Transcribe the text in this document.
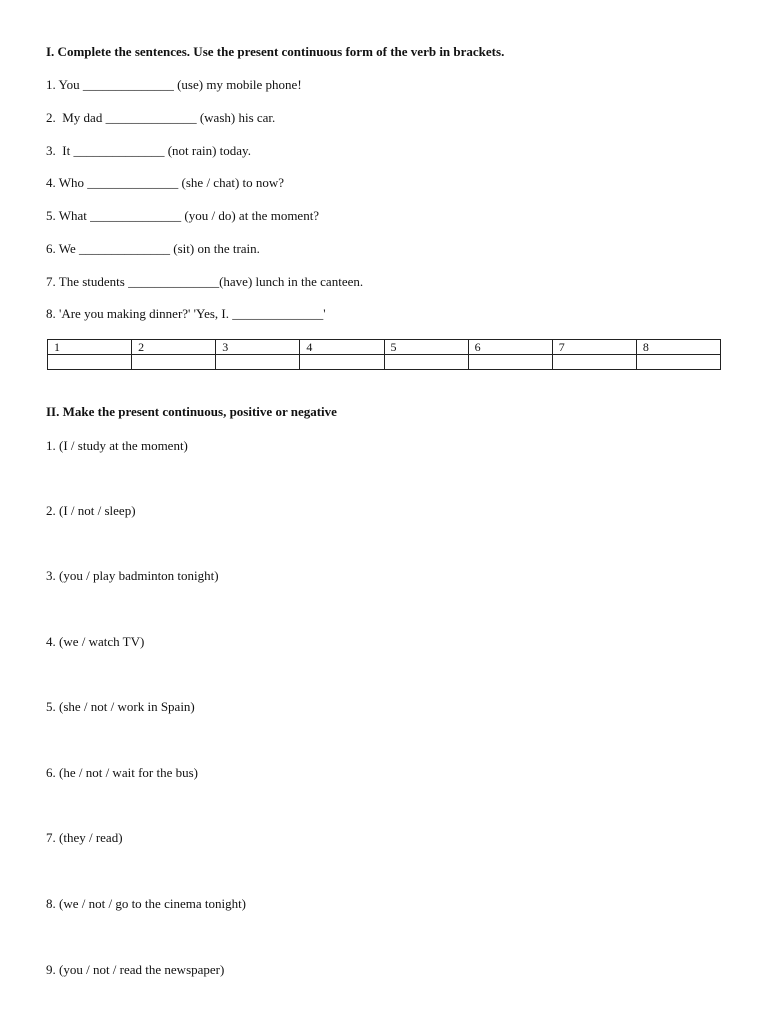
I. Complete the sentences. Use the present continuous form of the verb in brackets.
1. You ______________ (use) my mobile phone!
2.  My dad ______________ (wash) his car.
3.  It ______________ (not rain) today.
4. Who ______________ (she / chat) to now?
5. What ______________ (you / do) at the moment?
6. We ______________ (sit) on the train.
7. The students ______________(have) lunch in the canteen.
8. 'Are you making dinner?' 'Yes, I. ______________'
1	2	3	4	5	6	7	8

II. Make the present continuous, positive or negative
1. (I / study at the moment)
2. (I / not / sleep)
3. (you / play badminton tonight)
4. (we / watch TV)
5. (she / not / work in Spain)
6. (he / not / wait for the bus)
7. (they / read)
8. (we / not / go to the cinema tonight)
9. (you / not / read the newspaper)
